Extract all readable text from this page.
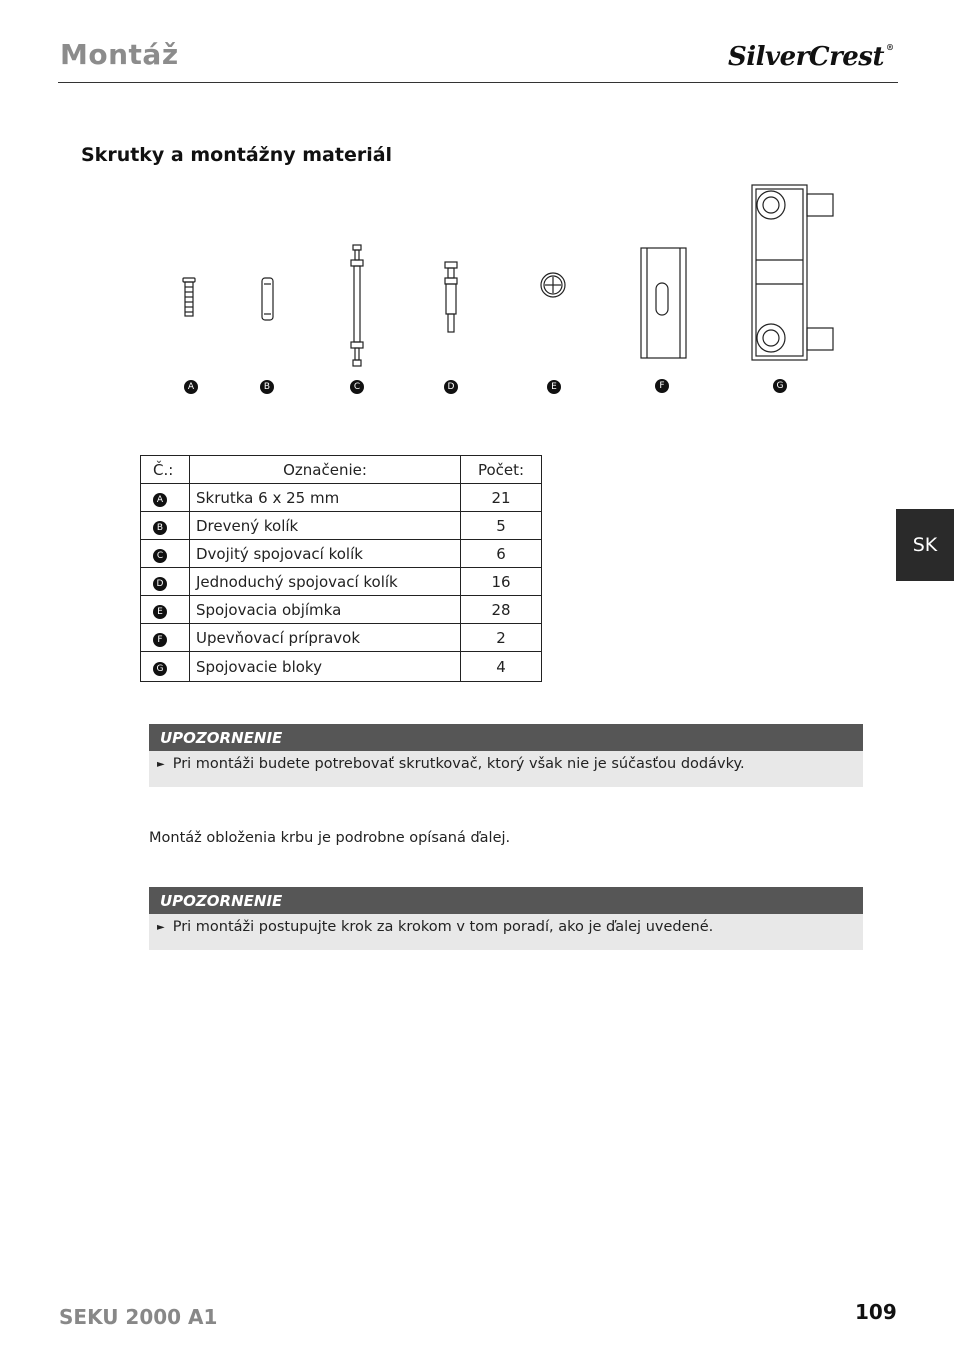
Montáž	SilverCrest ®
Skrutky a montážny materiál
A	B	C	D	E	F	G
Č.:	Označenie:	Počet:
A	Skrutka 6 x 25 mm	21
B	Drevený kolík	5
C	Dvojitý spojovací kolík	6
D	Jednoduchý spojovací kolík	16
E	Spojovacia objímka	28
F	Upevňovací prípravok	2
G	Spojovacie bloky	4
SK
UPOZORNENIE
► Pri montáži budete potrebovať skrutkovač, ktorý však nie je súčasťou dodávky.
Montáž obloženia krbu je podrobne opísaná ďalej.
UPOZORNENIE
► Pri montáži postupujte krok za krokom v tom poradí, ako je ďalej uvedené.
SEKU 2000 A1	109
